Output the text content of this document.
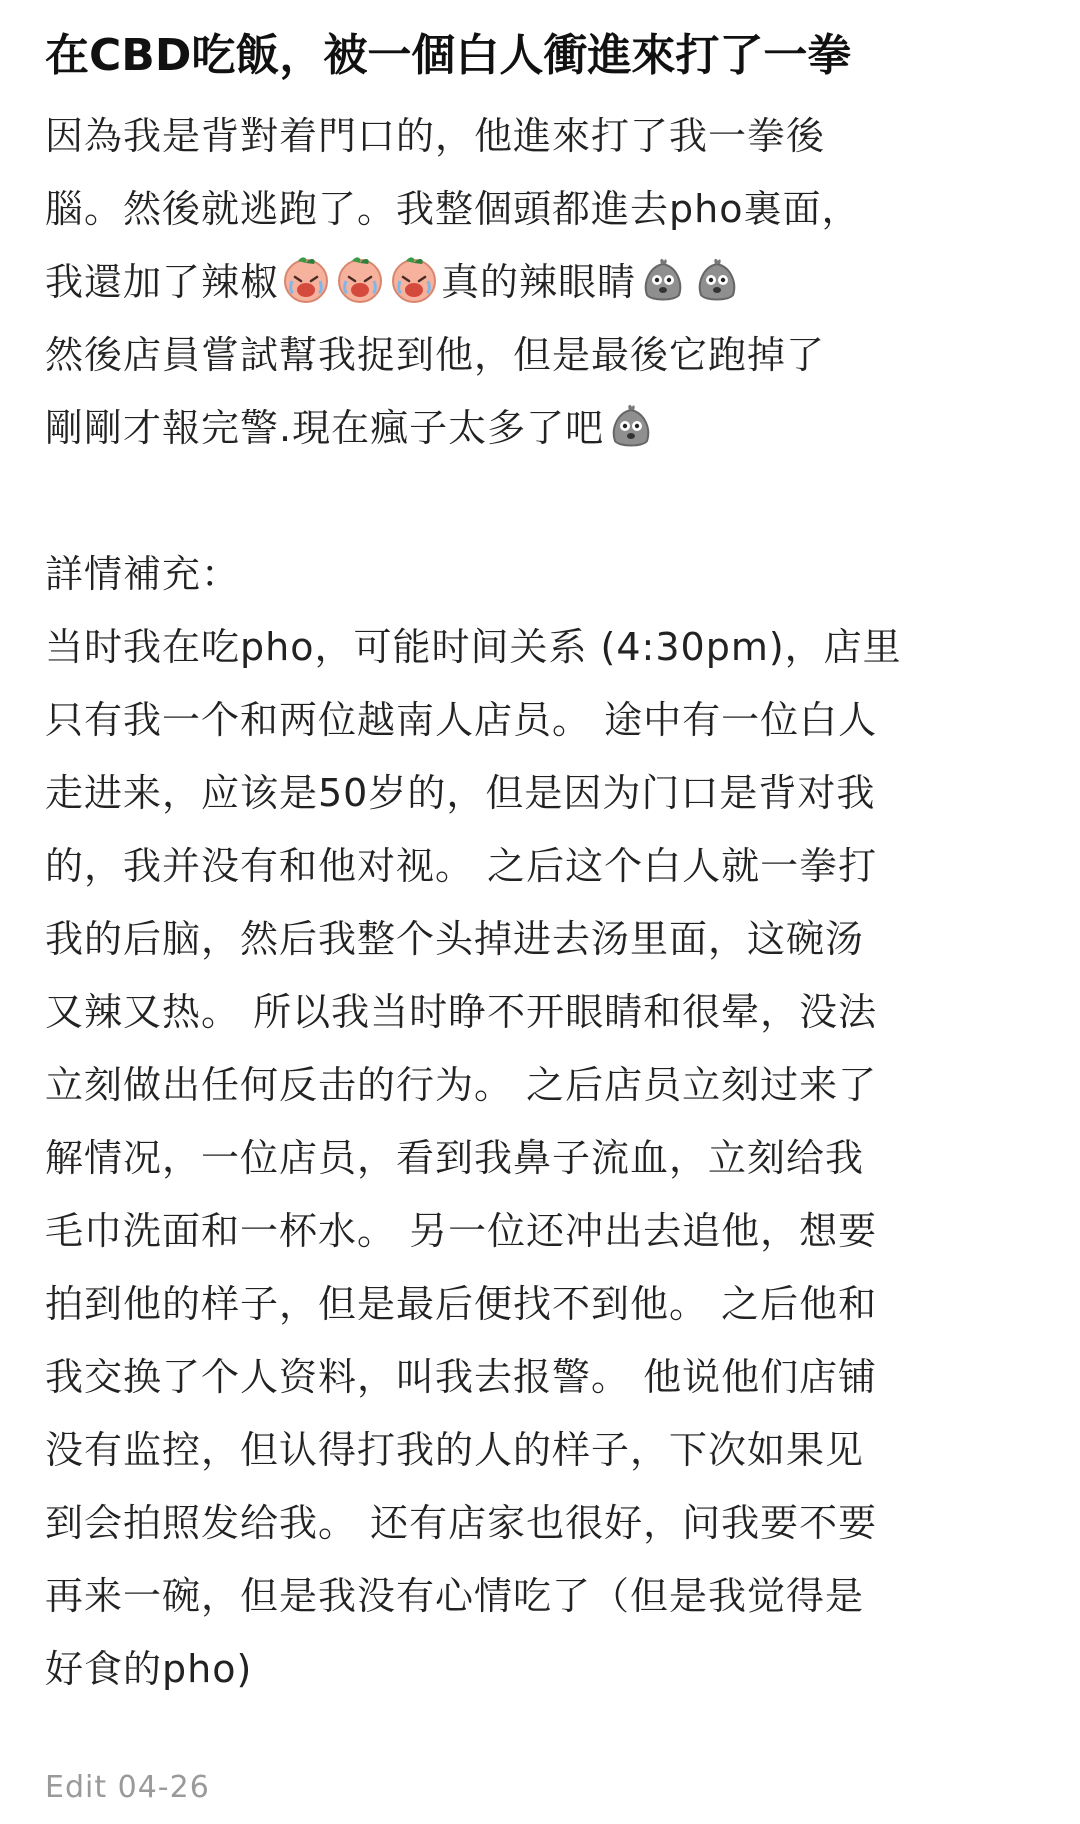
在CBD吃飯，被一個白人衝進來打了一拳
因為我是背對着門口的，他進來打了我一拳後
腦。然後就逃跑了。我整個頭都進去pho裏面，
我還加了辣椒	真的辣眼睛
然後店員嘗試幫我捉到他，但是最後它跑掉了
剛剛才報完警.現在瘋子太多了吧
詳情補充：
当时我在吃pho，可能时间关系 (4:30pm)，店里
只有我一个和两位越南人店员。 途中有一位白人
走进来，应该是50岁的，但是因为门口是背对我
的，我并没有和他对视。 之后这个白人就一拳打
我的后脑，然后我整个头掉进去汤里面，这碗汤
又辣又热。 所以我当时睁不开眼睛和很晕，没法
立刻做出任何反击的行为。 之后店员立刻过来了
解情况，一位店员，看到我鼻子流血，立刻给我
毛巾洗面和一杯水。 另一位还冲出去追他，想要
拍到他的样子，但是最后便找不到他。 之后他和
我交换了个人资料，叫我去报警。 他说他们店铺
没有监控，但认得打我的人的样子，下次如果见
到会拍照发给我。 还有店家也很好，问我要不要
再来一碗，但是我没有心情吃了（但是我觉得是
好食的pho)
Edit 04-26
